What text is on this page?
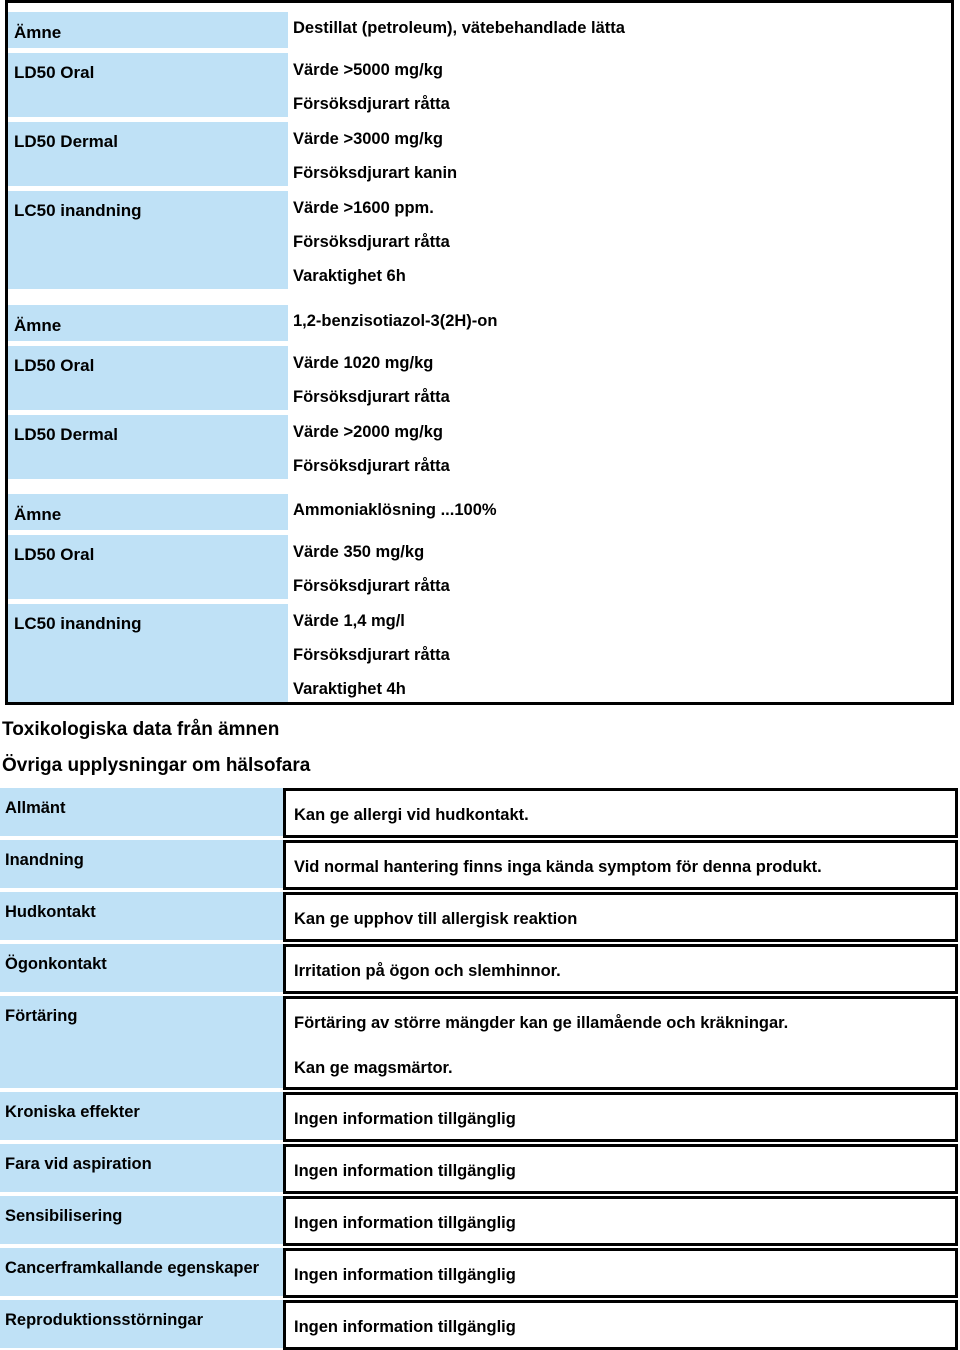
Ämne	Destillat (petroleum), vätebehandlade lätta
LD50 Oral	Värde >5000 mg/kg
Försöksdjurart råtta
LD50 Dermal	Värde >3000 mg/kg
Försöksdjurart kanin
LC50 inandning	Värde >1600 ppm.
Försöksdjurart råtta
Varaktighet 6h
Ämne	1,2-benzisotiazol-3(2H)-on
LD50 Oral	Värde 1020 mg/kg
Försöksdjurart råtta
LD50 Dermal	Värde >2000 mg/kg
Försöksdjurart råtta
Ämne	Ammoniaklösning ...100%
LD50 Oral	Värde 350 mg/kg
Försöksdjurart råtta
LC50 inandning	Värde 1,4 mg/l
Försöksdjurart råtta
Varaktighet 4h
Toxikologiska data från ämnen
Övriga upplysningar om hälsofara
Allmänt	Kan ge allergi vid hudkontakt.
Inandning	Vid normal hantering finns inga kända symptom för denna produkt.
Hudkontakt	Kan ge upphov till allergisk reaktion
Ögonkontakt	Irritation på ögon och slemhinnor.
Förtäring	Förtäring av större mängder kan ge illamående och kräkningar.
Kan ge magsmärtor.
Kroniska effekter	Ingen information tillgänglig
Fara vid aspiration	Ingen information tillgänglig
Sensibilisering	Ingen information tillgänglig
Cancerframkallande egenskaper	Ingen information tillgänglig
Reproduktionsstörningar	Ingen information tillgänglig
